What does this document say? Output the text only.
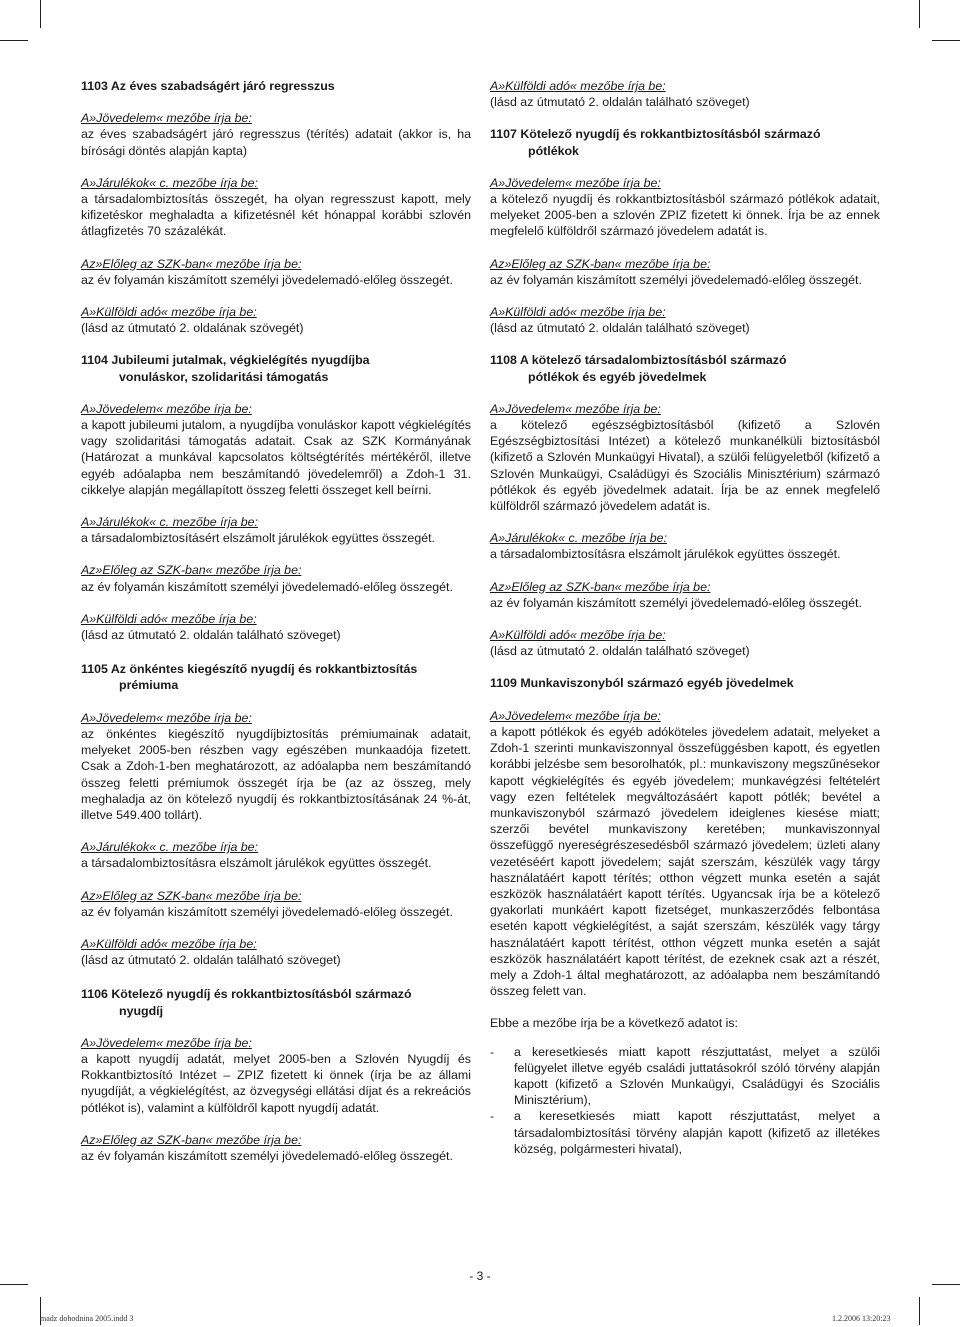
1103 Az éves szabadságért járó regresszus
A»Jövedelem« mezőbe írja be:

az éves szabadságért járó regresszus (térítés) adatait (akkor is, ha bírósági döntés alapján kapta)

A»Járulékok« c. mezőbe írja be:

a társadalombiztosítás összegét, ha olyan regresszust kapott, mely kifizetéskor meghaladta a kifizetésnél két hónappal korábbi szlovén átlagfizetés 70 százalékát.

Az»Előleg az SZK-ban« mezőbe írja be:

az év folyamán kiszámított személyi jövedelemadó-előleg összegét.

A»Külföldi adó« mezőbe írja be:

(lásd az útmutató 2. oldalának szövegét)

1104 Jubileumi jutalmak, végkielégítés nyugdíjba
vonuláskor, szolidaritási támogatás
A»Jövedelem« mezőbe írja be:

a kapott jubileumi jutalom, a nyugdíjba vonuláskor kapott végkielégítés vagy szolidaritási támogatás adatait. Csak az SZK Kormányának (Határozat a munkával kapcsolatos költségtérítés mértékéről, illetve egyéb adóalapba nem beszámítandó jövedelemről) a Zdoh-1 31. cikkelye alapján megállapított összeg feletti összeget kell beírni.

A»Járulékok« c. mezőbe írja be:

a társadalombiztosításért elszámolt járulékok együttes összegét.

Az»Előleg az SZK-ban« mezőbe írja be:

az év folyamán kiszámított személyi jövedelemadó-előleg összegét.

A»Külföldi adó« mezőbe írja be:

(lásd az útmutató 2. oldalán található szöveget)

1105 Az önkéntes kiegészítő nyugdíj és rokkantbiztosítás
prémiuma
A»Jövedelem« mezőbe írja be:

az önkéntes kiegészítő nyugdíjbiztosítás prémiumainak adatait, melyeket 2005-ben részben vagy egészében munkaadója fizetett. Csak a Zdoh-1-ben meghatározott, az adóalapba nem beszámítandó összeg feletti prémiumok összegét írja be (az az összeg, mely meghaladja az ön kötelező nyugdíj és rokkantbiztosításának 24 %-át, illetve 549.400 tollárt).

A»Járulékok« c. mezőbe írja be:

a társadalombiztosításra elszámolt járulékok együttes összegét.

Az»Előleg az SZK-ban« mezőbe írja be:

az év folyamán kiszámított személyi jövedelemadó-előleg összegét.

A»Külföldi adó« mezőbe írja be:

(lásd az útmutató 2. oldalán található szöveget)

1106 Kötelező nyugdíj és rokkantbiztosításból származó
nyugdíj
A»Jövedelem« mezőbe írja be:

a kapott nyugdíj adatát, melyet 2005-ben a Szlovén Nyugdíj és Rokkantbiztosító Intézet – ZPIZ fizetett ki önnek (írja be az állami nyugdíját, a végkielégítést, az özvegységi ellátási díjat és a rekreációs pótlékot is), valamint a külföldről kapott nyugdíj adatát.

Az»Előleg az SZK-ban« mezőbe írja be:

az év folyamán kiszámított személyi jövedelemadó-előleg összegét.

A»Külföldi adó« mezőbe írja be:

(lásd az útmutató 2. oldalán található szöveget)

1107 Kötelező nyugdíj és rokkantbiztosításból származó
pótlékok
A»Jövedelem« mezőbe írja be:

a kötelező nyugdíj és rokkantbiztosításból származó pótlékok adatait, melyeket 2005-ben a szlovén ZPIZ fizetett ki önnek. Írja be az ennek megfelelő külföldről származó jövedelem adatát is.

Az»Előleg az SZK-ban« mezőbe írja be:

az év folyamán kiszámított személyi jövedelemadó-előleg összegét.

A»Külföldi adó« mezőbe írja be:

(lásd az útmutató 2. oldalán található szöveget)

1108 A kötelező társadalombiztosításból származó
pótlékok és egyéb jövedelmek
A»Jövedelem« mezőbe írja be:

a kötelező egészségbiztosításból (kifizető a Szlovén Egészségbiztosítási Intézet) a kötelező munkanélküli biztosításból (kifizető a Szlovén Munkaügyi Hivatal), a szülői felügyeletből (kifizető a Szlovén Munkaügyi, Családügyi és Szociális Minisztérium) származó pótlékok és egyéb jövedelmek adatait. Írja be az ennek megfelelő külföldről származó jövedelem adatát is.

A»Járulékok« c. mezőbe írja be:

a társadalombiztosításra elszámolt járulékok együttes összegét.

Az»Előleg az SZK-ban« mezőbe írja be:

az év folyamán kiszámított személyi jövedelemadó-előleg összegét.

A»Külföldi adó« mezőbe írja be:

(lásd az útmutató 2. oldalán található szöveget)

1109 Munkaviszonyból származó egyéb jövedelmek
A»Jövedelem« mezőbe írja be:

a kapott pótlékok és egyéb adóköteles jövedelem adatait, melyeket a Zdoh-1 szerinti munkaviszonnyal összefüggésben kapott, és egyetlen korábbi jelzésbe sem besorolhatók, pl.: munkaviszony megszűnésekor kapott végkielégítés és egyéb jövedelem; munkavégzési feltételért vagy ezen feltételek megváltozásáért kapott pótlék; bevétel a munkaviszonyból származó jövedelem ideiglenes kiesése miatt; szerzői bevétel munkaviszony keretében; munkaviszonnyal összefüggő nyereségrészesedésből származó jövedelem; üzleti alany vezetéséért kapott jövedelem; saját szerszám, készülék vagy tárgy használatáért kapott térítés; otthon végzett munka esetén a saját eszközök használatáért kapott térítés. Ugyancsak írja be a kötelező gyakorlati munkáért kapott fizetséget, munkaszerződés felbontása esetén kapott végkielégítést, a saját szerszám, készülék vagy tárgy használatáért kapott térítést, otthon végzett munka esetén a saját eszközök használatáért kapott térítést, de ezeknek csak azt a részét, mely a Zdoh-1 által meghatározott, az adóalapba nem beszámítandó összeg felett van.

Ebbe a mezőbe írja be a következő adatot is:

- a keresetkiesés miatt kapott részjuttatást, melyet a szülői felügyelet illetve egyéb családi juttatásokról szóló törvény alapján kapott (kifizető a Szlovén Munkaügyi, Családügyi és Szociális Minisztérium),
- a keresetkiesés miatt kapott részjuttatást, melyet a társadalombiztosítási törvény alapján kapott (kifizető az illetékes község, polgármesteri hivatal),
- 3 -
madz dohodnina 2005.indd 3	1.2.2006 13:20:23
